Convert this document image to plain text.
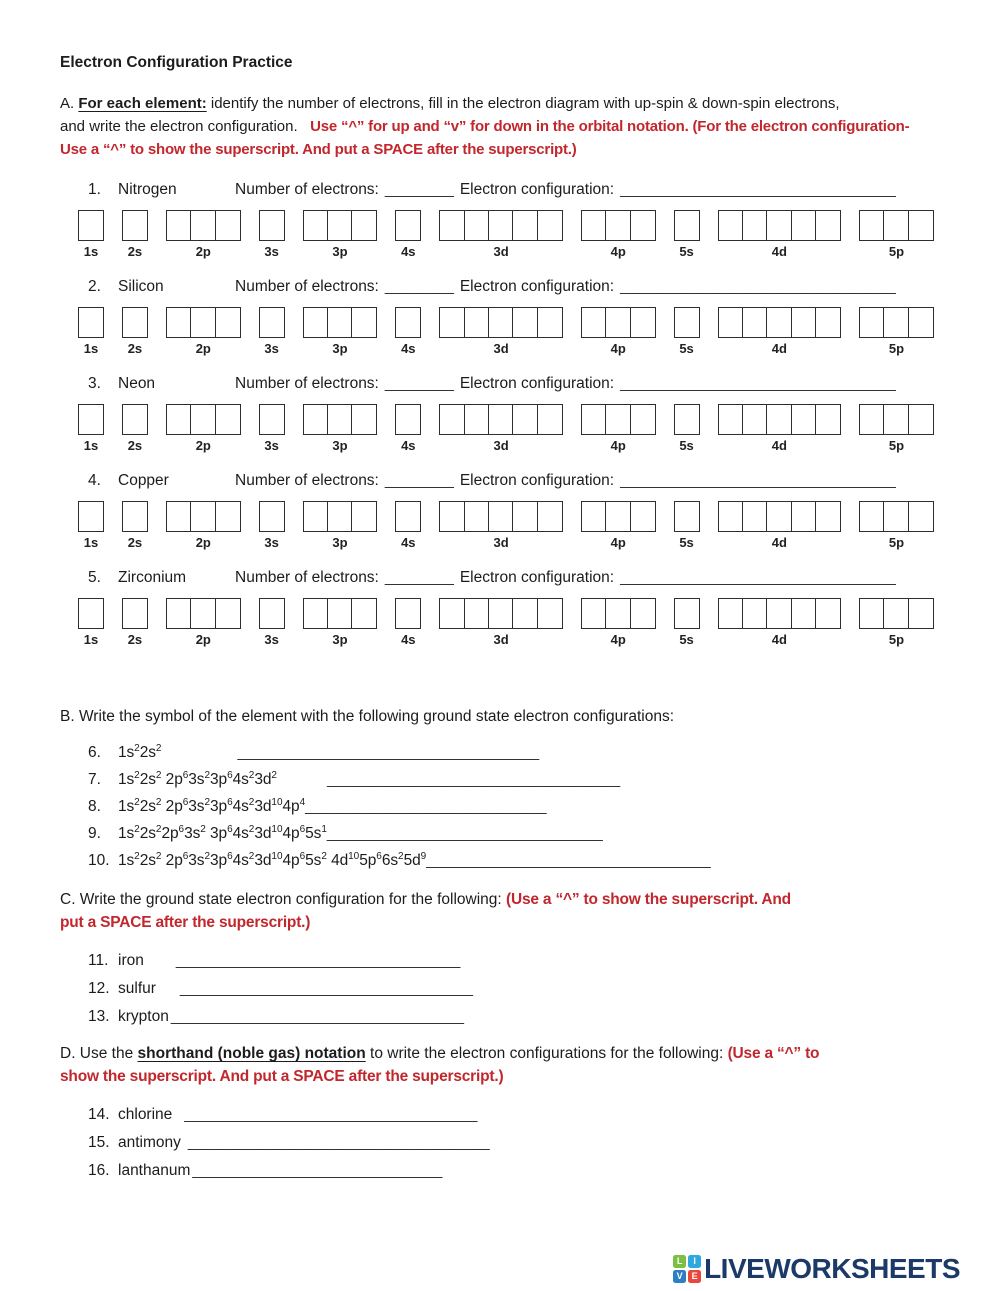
Electron Configuration Practice
A. For each element: identify the number of electrons, fill in the electron diagram with up-spin & down-spin electrons,
and write the electron configuration.   Use “^” for up and “v” for down in the orbital notation. (For the electron configuration-
Use a “^” to show the superscript. And put a SPACE after the superscript.)
1.	Nitrogen	Number of electrons: ________ Electron configuration: ________________________________
1s	2s	2p	3s	3p	4s	3d	4p	5s	4d	5p
2.	Silicon	Number of electrons: ________ Electron configuration: ________________________________
1s	2s	2p	3s	3p	4s	3d	4p	5s	4d	5p
3.	Neon	Number of electrons: ________ Electron configuration: ________________________________
1s	2s	2p	3s	3p	4s	3d	4p	5s	4d	5p
4.	Copper	Number of electrons: ________ Electron configuration: ________________________________
1s	2s	2p	3s	3p	4s	3d	4p	5s	4d	5p
5.	Zirconium	Number of electrons: ________ Electron configuration: ________________________________
1s	2s	2p	3s	3p	4s	3d	4p	5s	4d	5p
B. Write the symbol of the element with the following ground state electron configurations:
6.	$1s^22s^2$	___________________________________
7.	$1s^22s^2$ $2p^63s^23p^64s^23d^2$	__________________________________
8.	$1s^22s^2$ $2p^63s^23p^64s^23d^{10}4p^4$ ____________________________
9.	$1s^22s^22p^63s^2$ $3p^64s^23d^{10}4p^65s^1$ ________________________________
10. $1s^22s^2$ $2p^63s^23p^64s^23d^{10}4p^65s^2$ $4d^{10}5p^66s^25d^9$ _________________________________
C. Write the ground state electron configuration for the following: (Use a “^” to show the superscript. And
put a SPACE after the superscript.)
11. iron _________________________________
12. sulfur __________________________________
13. krypton __________________________________
D. Use the shorthand (noble gas) notation to write the electron configurations for the following: (Use a “^” to
show the superscript. And put a SPACE after the superscript.)
14. chlorine __________________________________
15. antimony ___________________________________
16. lanthanum _____________________________
L	I
V E LIVEWORKSHEETS
